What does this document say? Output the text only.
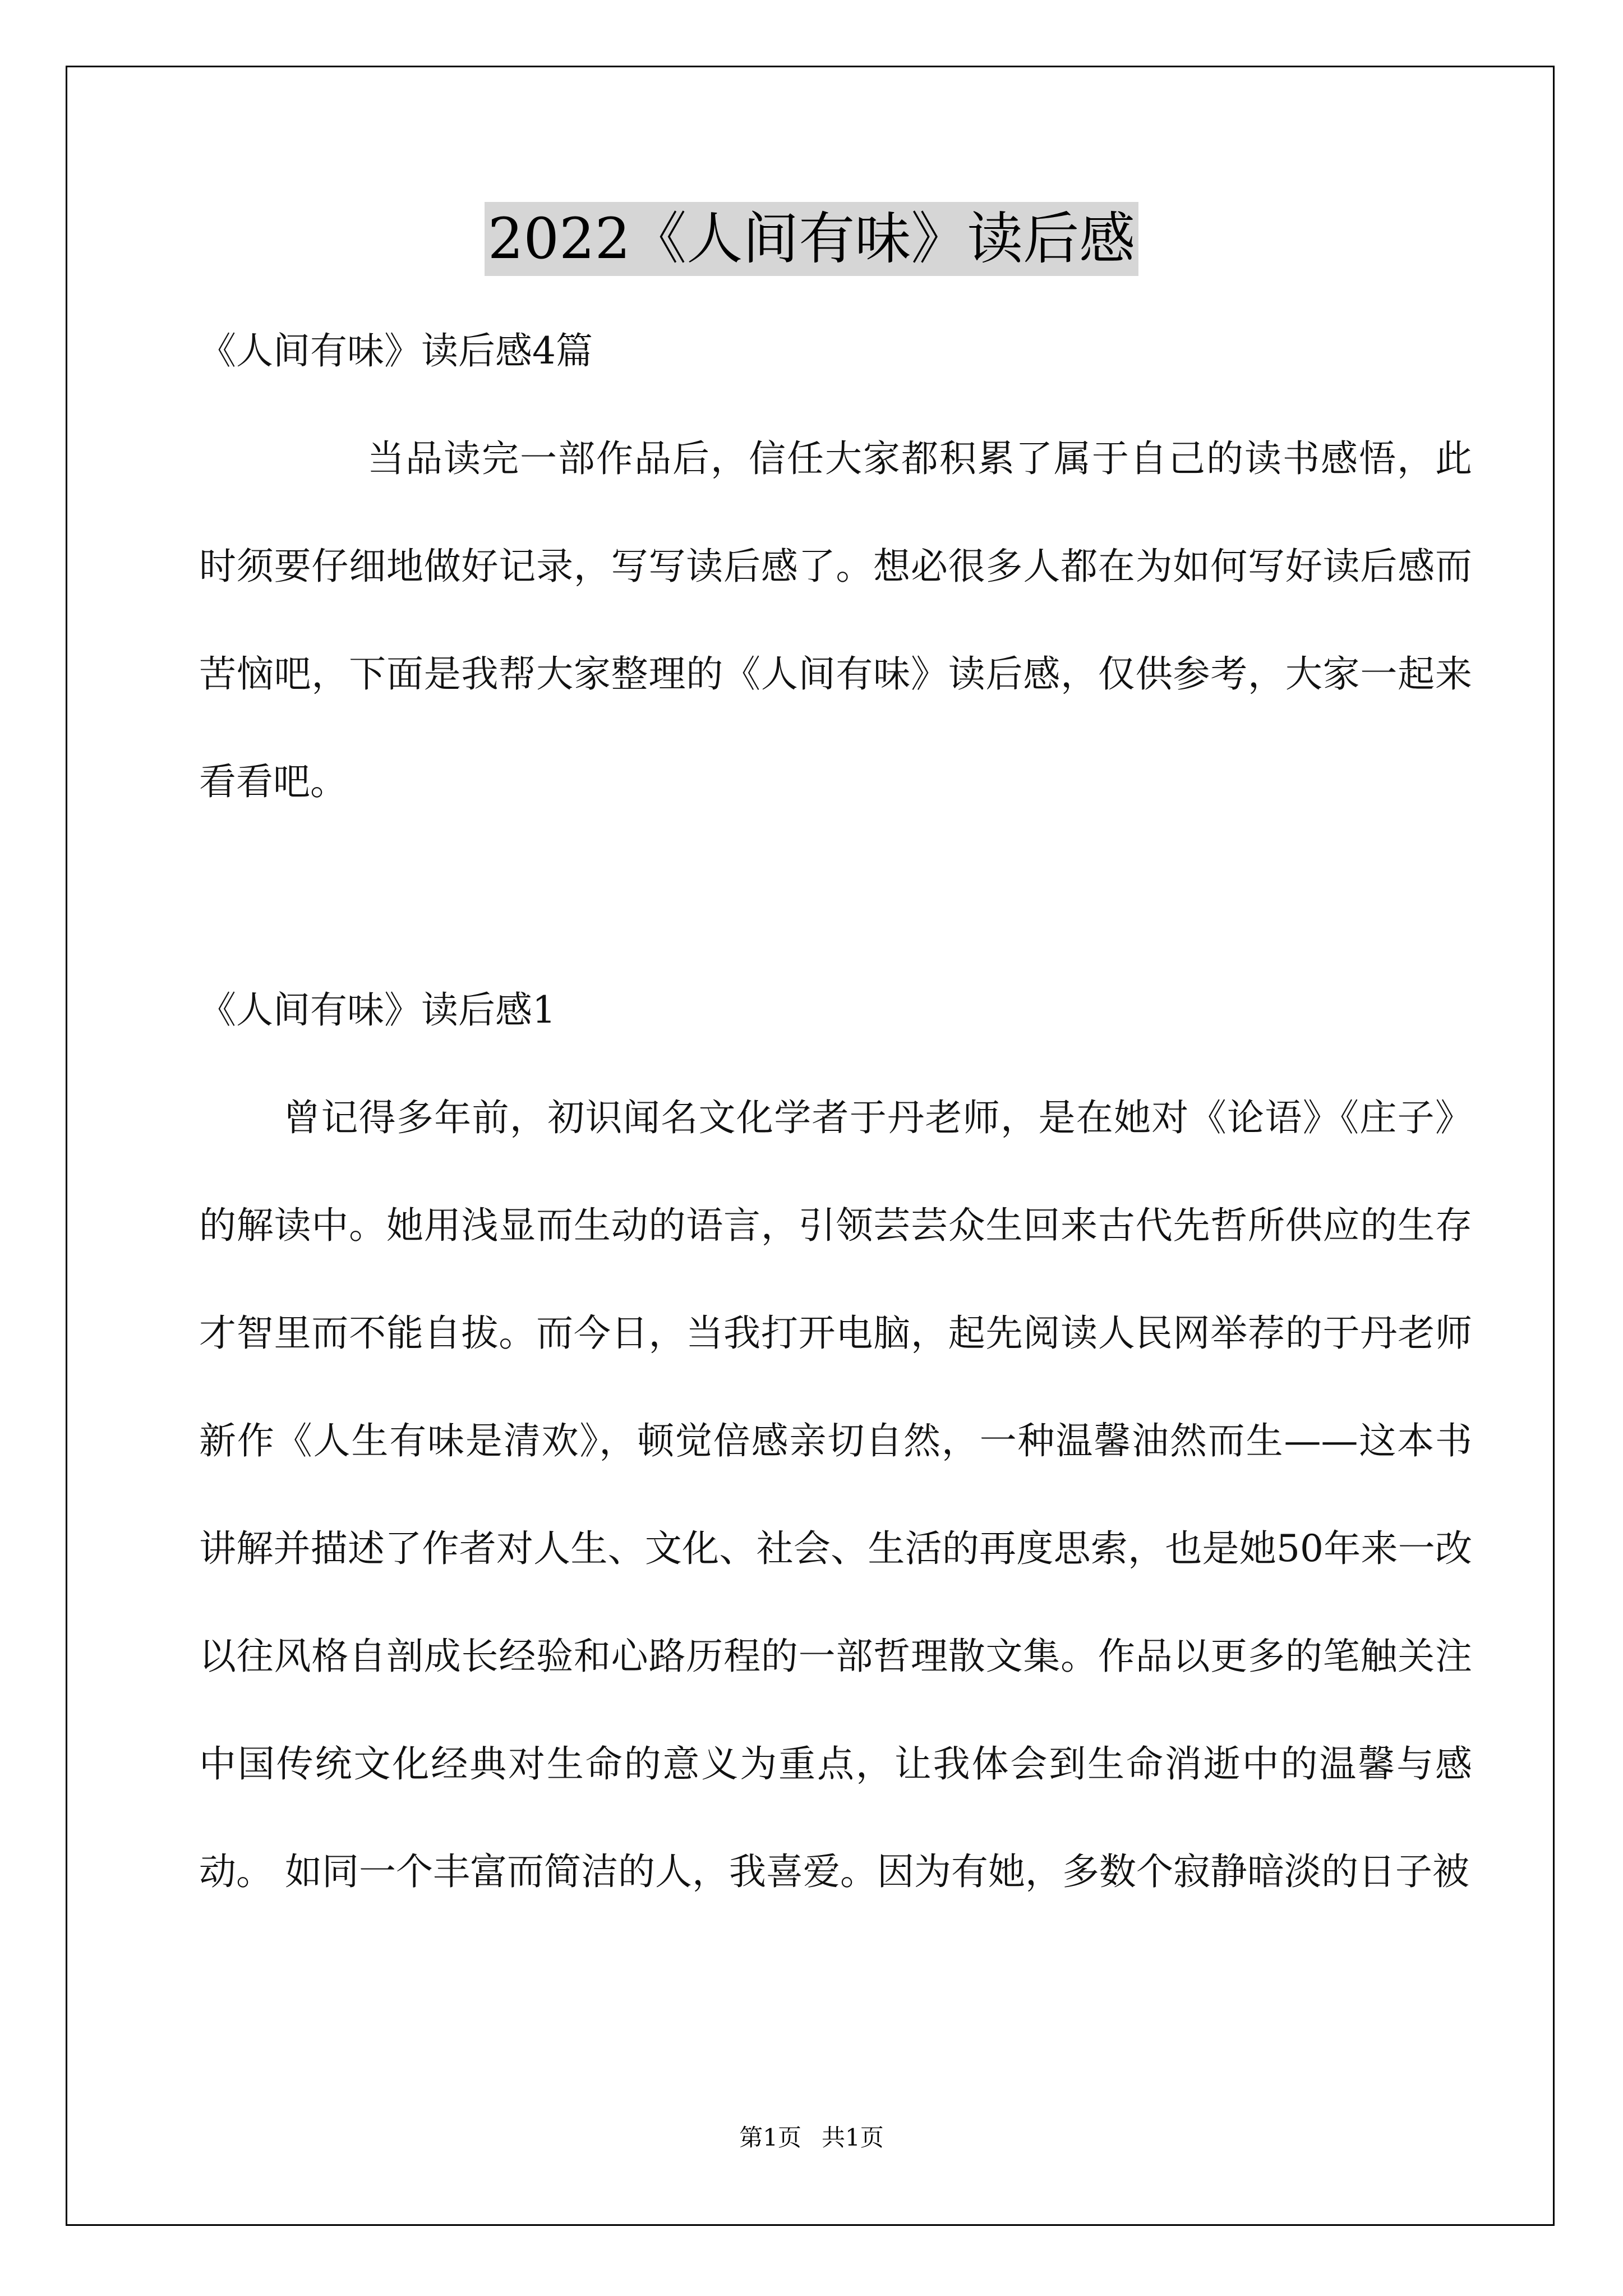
2022《人间有味》读后感

《人间有味》读后感4篇

当品读完一部作品后，信任大家都积累了属于自己的读书感悟，此时须要仔细地做好记录，写写读后感了。想必很多人都在为如何写好读后感而苦恼吧，下面是我帮大家整理的《人间有味》读后感，仅供参考，大家一起来看看吧。

《人间有味》读后感1

曾记得多年前，初识闻名文化学者于丹老师，是在她对《论语》《庄子》的解读中。她用浅显而生动的语言，引领芸芸众生回来古代先哲所供应的生存才智里而不能自拔。而今日，当我打开电脑，起先阅读人民网举荐的于丹老师新作《人生有味是清欢》，顿觉倍感亲切自然，一种温馨油然而生——这本书讲解并描述了作者对人生、文化、社会、生活的再度思索，也是她50年来一改以往风格自剖成长经验和心路历程的一部哲理散文集。作品以更多的笔触关注中国传统文化经典对生命的意义为重点，让我体会到生命消逝中的温馨与感动。 如同一个丰富而简洁的人，我喜爱。因为有她，多数个寂静暗淡的日子被

第1页 共1页
